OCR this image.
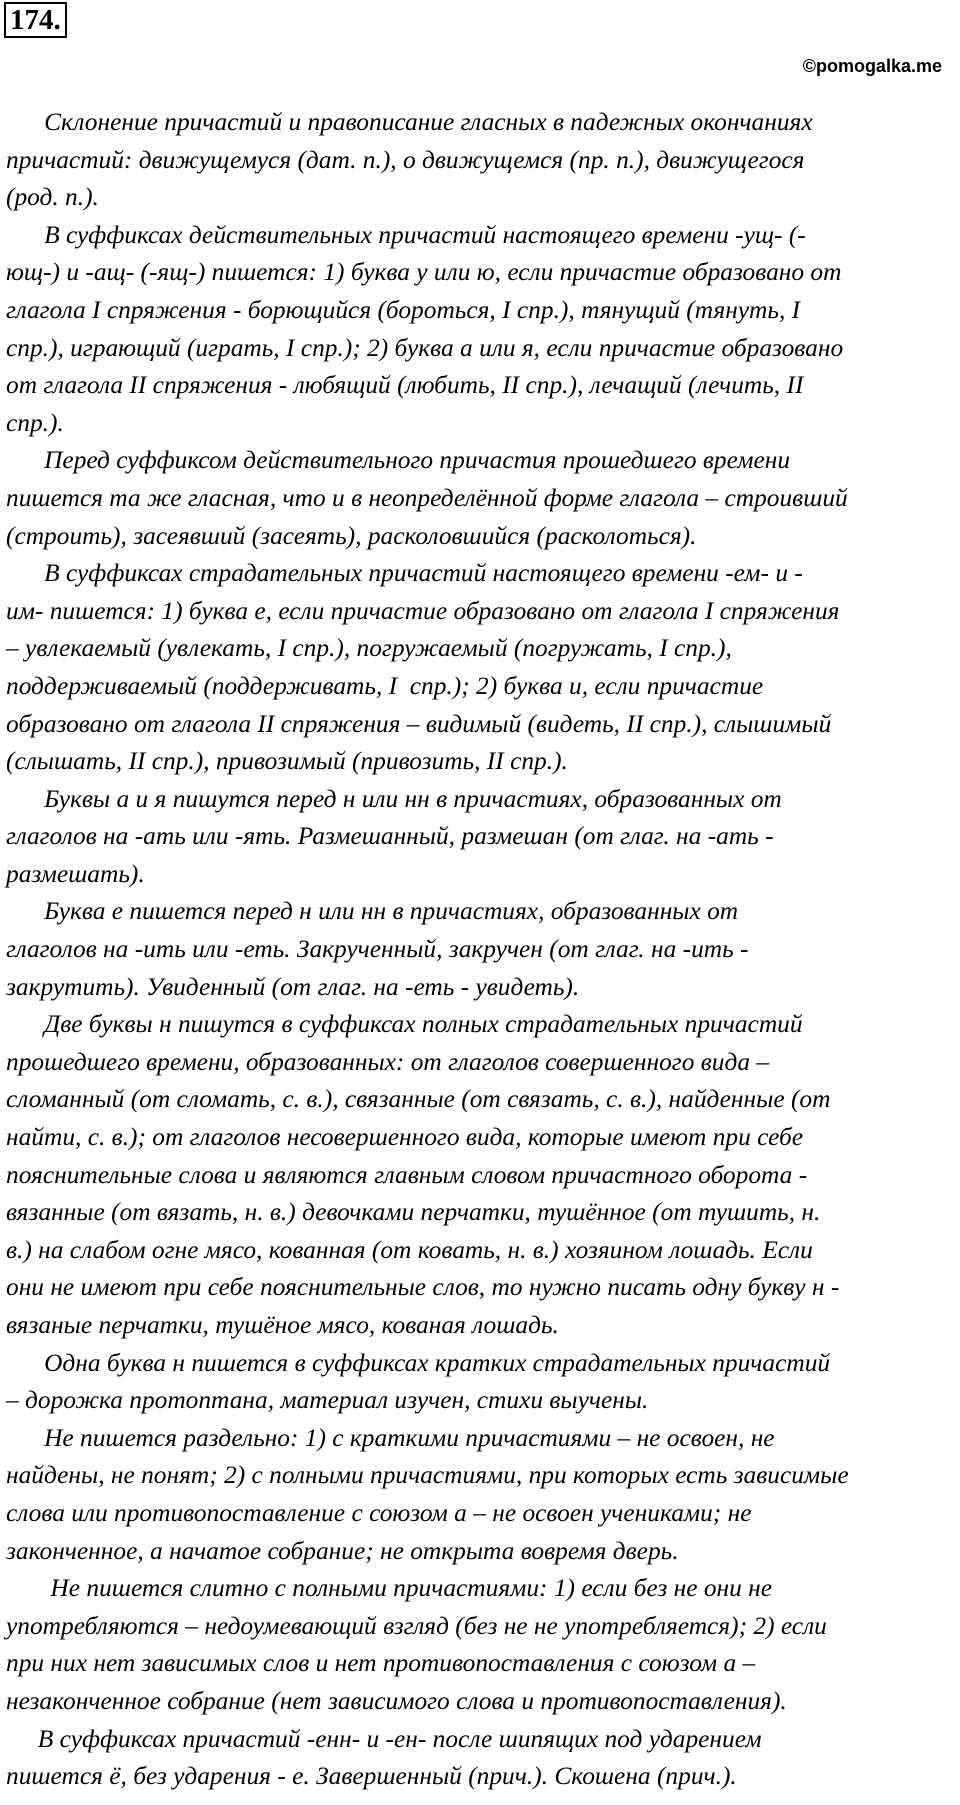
174.
©pomogalka.me

Склонение причастий и правописание гласных в падежных окончаниях

причастий: движущемуся (дат. п.), о движущемся (пр. п.), движущегося

(род. п.).

В суффиксах действительных причастий настоящего времени -ущ- (-

ющ-) и -ащ- (-ящ-) пишется: 1) буква у или ю, если причастие образовано от

глагола I спряжения - борющийся (бороться, I спр.), тянущий (тянуть, I

спр.), играющий (играть, I спр.); 2) буква а или я, если причастие образовано

от глагола II спряжения - любящий (любить, II спр.), лечащий (лечить, II

спр.).

Перед суффиксом действительного причастия прошедшего времени

пишется та же гласная, что и в неопределённой форме глагола – строивший

(строить), засеявший (засеять), расколовшийся (расколоться).

В суффиксах страдательных причастий настоящего времени -ем- и -

им- пишется: 1) буква е, если причастие образовано от глагола I спряжения

– увлекаемый (увлекать, I спр.), погружаемый (погружать, I спр.),

поддерживаемый (поддерживать, I  спр.); 2) буква и, если причастие

образовано от глагола II спряжения – видимый (видеть, II спр.), слышимый

(слышать, II спр.), привозимый (привозить, II спр.).

Буквы а и я пишутся перед н или нн в причастиях, образованных от

глаголов на -ать или -ять. Размешанный, размешан (от глаг. на -ать -

размешать).

Буква е пишется перед н или нн в причастиях, образованных от

глаголов на -ить или -еть. Закрученный, закручен (от глаг. на -ить -

закрутить). Увиденный (от глаг. на -еть - увидеть).

Две буквы н пишутся в суффиксах полных страдательных причастий

прошедшего времени, образованных: от глаголов совершенного вида –

сломанный (от сломать, с. в.), связанные (от связать, с. в.), найденные (от

найти, с. в.); от глаголов несовершенного вида, которые имеют при себе

пояснительные слова и являются главным словом причастного оборота -

вязанные (от вязать, н. в.) девочками перчатки, тушённое (от тушить, н.

в.) на слабом огне мясо, кованная (от ковать, н. в.) хозяином лошадь. Если

они не имеют при себе пояснительные слов, то нужно писать одну букву н -

вязаные перчатки, тушёное мясо, кованая лошадь.

Одна буква н пишется в суффиксах кратких страдательных причастий

– дорожка протоптана, материал изучен, стихи выучены.

Не пишется раздельно: 1) с краткими причастиями – не освоен, не

найдены, не понят; 2) с полными причастиями, при которых есть зависимые

слова или противопоставление с союзом а – не освоен учениками; не

законченное, а начатое собрание; не открыта вовремя дверь.

Не пишется слитно с полными причастиями: 1) если без не они не

употребляются – недоумевающий взгляд (без не не употребляется); 2) если

при них нет зависимых слов и нет противопоставления с союзом а –

незаконченное собрание (нет зависимого слова и противопоставления).

В суффиксах причастий -енн- и -ен- после шипящих под ударением

пишется ё, без ударения - е. Завершенный (прич.). Скошена (прич.).
